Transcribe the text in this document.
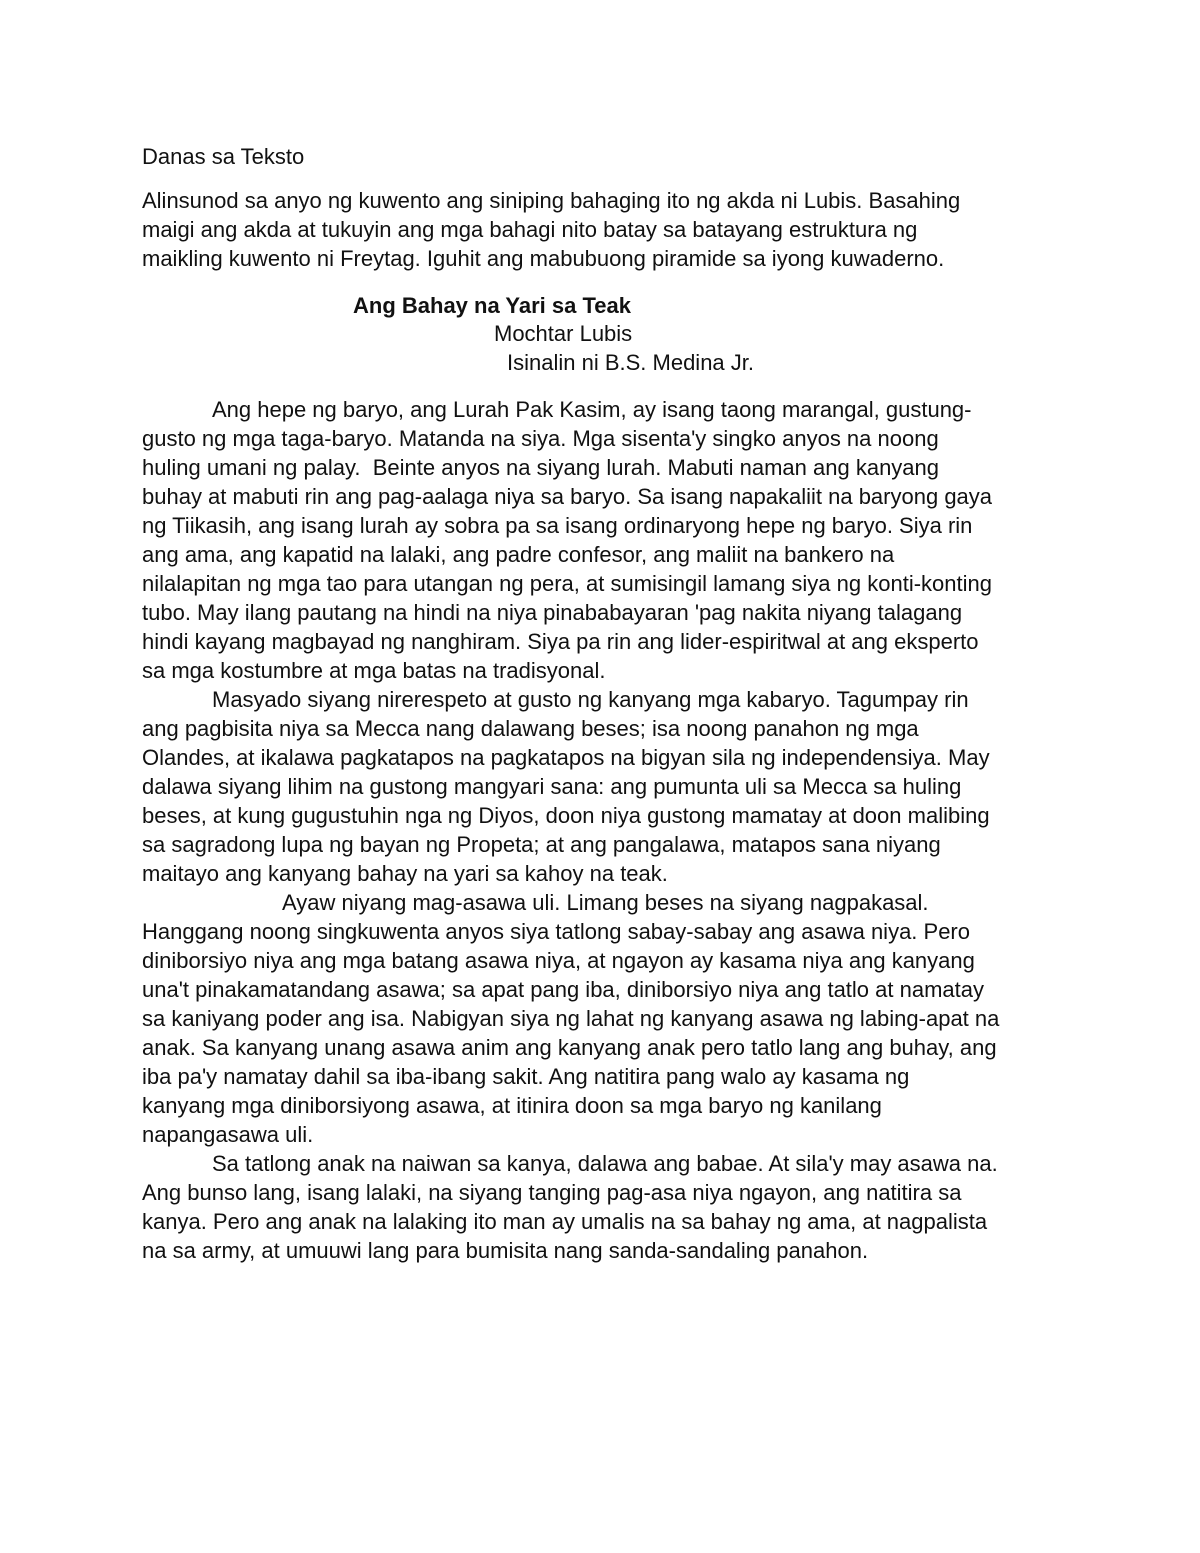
Danas sa Teksto
Alinsunod sa anyo ng kuwento ang siniping bahaging ito ng akda ni Lubis. Basahing
maigi ang akda at tukuyin ang mga bahagi nito batay sa batayang estruktura ng
maikling kuwento ni Freytag. Iguhit ang mabubuong piramide sa iyong kuwaderno.
Ang Bahay na Yari sa Teak
Mochtar Lubis
Isinalin ni B.S. Medina Jr.
Ang hepe ng baryo, ang Lurah Pak Kasim, ay isang taong marangal, gustung-
gusto ng mga taga-baryo. Matanda na siya. Mga sisenta'y singko anyos na noong
huling umani ng palay.  Beinte anyos na siyang lurah. Mabuti naman ang kanyang
buhay at mabuti rin ang pag-aalaga niya sa baryo. Sa isang napakaliit na baryong gaya
ng Tiikasih, ang isang lurah ay sobra pa sa isang ordinaryong hepe ng baryo. Siya rin
ang ama, ang kapatid na lalaki, ang padre confesor, ang maliit na bankero na
nilalapitan ng mga tao para utangan ng pera, at sumisingil lamang siya ng konti-konting
tubo. May ilang pautang na hindi na niya pinababayaran 'pag nakita niyang talagang
hindi kayang magbayad ng nanghiram. Siya pa rin ang lider-espiritwal at ang eksperto
sa mga kostumbre at mga batas na tradisyonal.
Masyado siyang nirerespeto at gusto ng kanyang mga kabaryo. Tagumpay rin
ang pagbisita niya sa Mecca nang dalawang beses; isa noong panahon ng mga
Olandes, at ikalawa pagkatapos na pagkatapos na bigyan sila ng independensiya. May
dalawa siyang lihim na gustong mangyari sana: ang pumunta uli sa Mecca sa huling
beses, at kung gugustuhin nga ng Diyos, doon niya gustong mamatay at doon malibing
sa sagradong lupa ng bayan ng Propeta; at ang pangalawa, matapos sana niyang
maitayo ang kanyang bahay na yari sa kahoy na teak.
Ayaw niyang mag-asawa uli. Limang beses na siyang nagpakasal.
Hanggang noong singkuwenta anyos siya tatlong sabay-sabay ang asawa niya. Pero
diniborsiyo niya ang mga batang asawa niya, at ngayon ay kasama niya ang kanyang
una't pinakamatandang asawa; sa apat pang iba, diniborsiyo niya ang tatlo at namatay
sa kaniyang poder ang isa. Nabigyan siya ng lahat ng kanyang asawa ng labing-apat na
anak. Sa kanyang unang asawa anim ang kanyang anak pero tatlo lang ang buhay, ang
iba pa'y namatay dahil sa iba-ibang sakit. Ang natitira pang walo ay kasama ng
kanyang mga diniborsiyong asawa, at itinira doon sa mga baryo ng kanilang
napangasawa uli.
Sa tatlong anak na naiwan sa kanya, dalawa ang babae. At sila'y may asawa na.
Ang bunso lang, isang lalaki, na siyang tanging pag-asa niya ngayon, ang natitira sa
kanya. Pero ang anak na lalaking ito man ay umalis na sa bahay ng ama, at nagpalista
na sa army, at umuuwi lang para bumisita nang sanda-sandaling panahon.
